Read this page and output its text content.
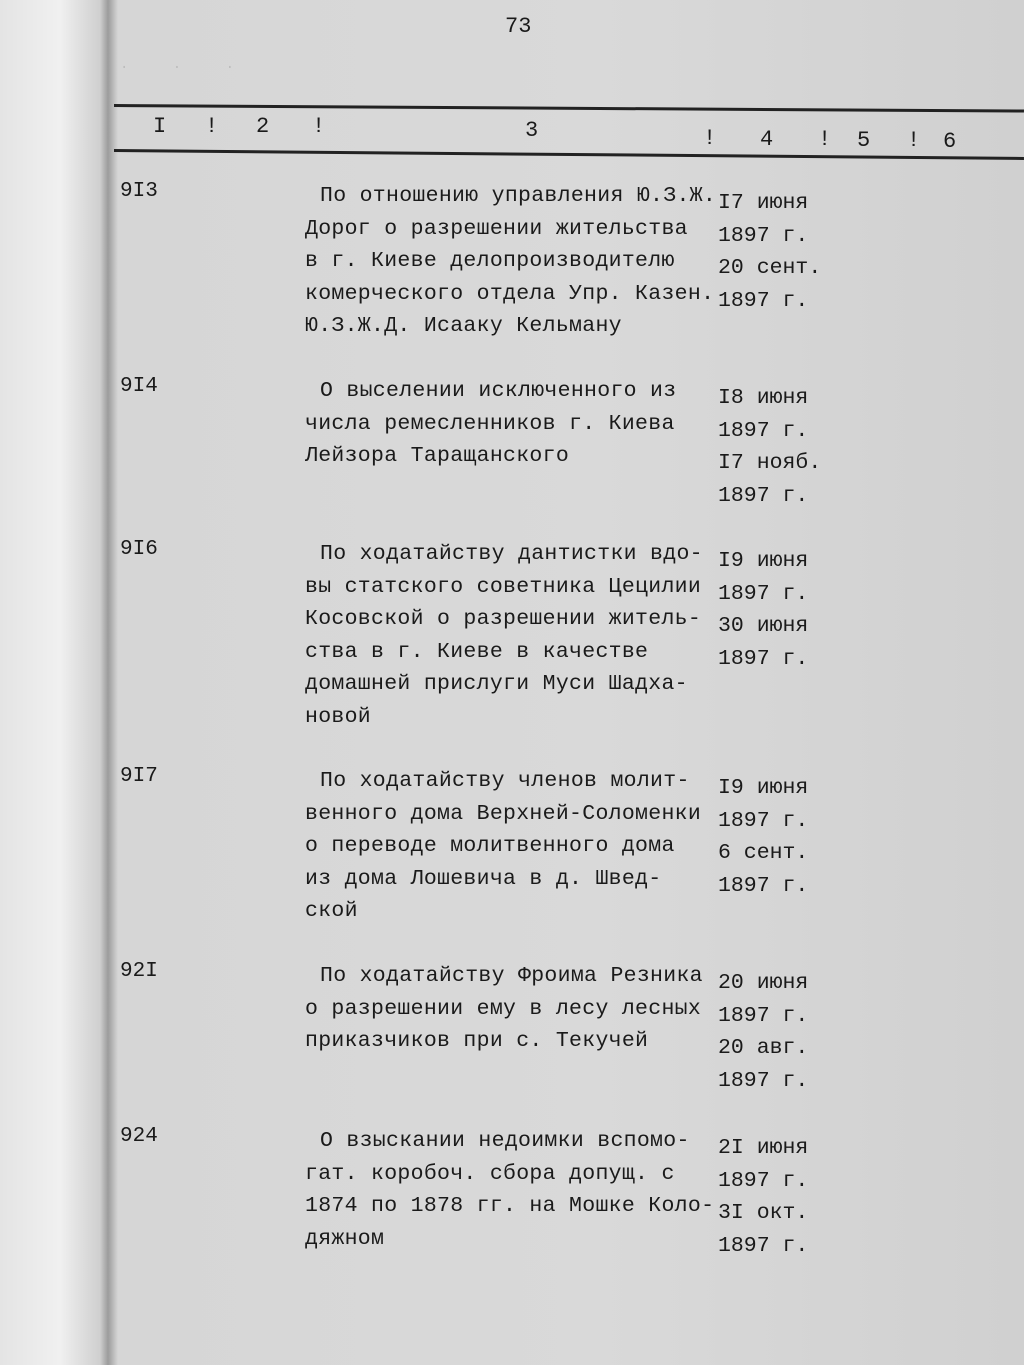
73
· · ·
I ! 2 !	3	! 4 ! 5 ! 6
9I3	По отношению управления Ю.З.Ж.
Дорог о разрешении жительства
в г. Киеве делопроизводителю
комерческого отдела Упр. Казен.
Ю.З.Ж.Д. Исааку Кельману
I7 июня
1897 г.
20 сент.
1897 г.
9I4	О выселении исключенного из
числа ремесленников г. Киева
Лейзора Таращанского
I8 июня
1897 г.
I7 нояб.
1897 г.
9I6	По ходатайству дантистки вдо-
вы статского советника Цецилии
Косовской о разрешении житель-
ства в г. Киеве в качестве
домашней прислуги Муси Шадха-
новой
I9 июня
1897 г.
30 июня
1897 г.
9I7	По ходатайству членов молит-
венного дома Верхней-Соломенки
о переводе молитвенного дома
из дома Лошевича в д. Швед-
ской
I9 июня
1897 г.
6 сент.
1897 г.
92I	По ходатайству Фроима Резника
о разрешении ему в лесу лесных
приказчиков при с. Текучей
20 июня
1897 г.
20 авг.
1897 г.
924	О взыскании недоимки вспомо-
гат. коробоч. сбора допущ. с
1874 по 1878 гг. на Мошке Коло-
дяжном
2I июня
1897 г.
3I окт.
1897 г.
